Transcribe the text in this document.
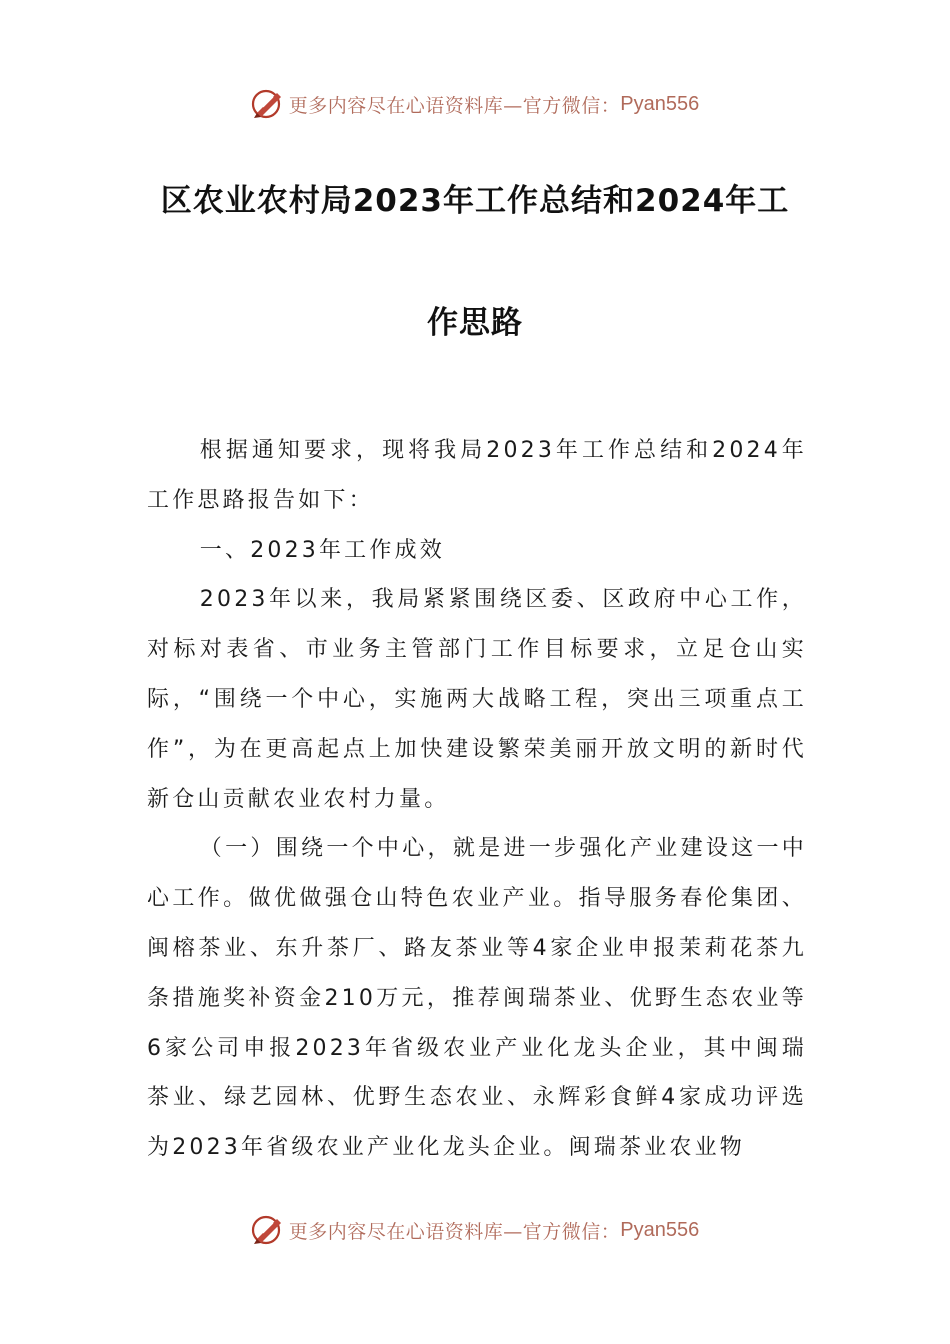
更多内容尽在心语资料库—官方微信： Pyan556
区农业农村局2023年工作总结和2024年工
作思路

根据通知要求，现将我局2023年工作总结和2024年工作思路报告如下：

一、2023年工作成效

2023年以来，我局紧紧围绕区委、区政府中心工作，对标对表省、市业务主管部门工作目标要求，立足仓山实际，“围绕一个中心，实施两大战略工程，突出三项重点工作”，为在更高起点上加快建设繁荣美丽开放文明的新时代新仓山贡献农业农村力量。

（一）围绕一个中心，就是进一步强化产业建设这一中心工作。做优做强仓山特色农业产业。指导服务春伦集团、闽榕茶业、东升茶厂、路友茶业等4家企业申报茉莉花茶九条措施奖补资金210万元，推荐闽瑞茶业、优野生态农业等6家公司申报2023年省级农业产业化龙头企业，其中闽瑞茶业、绿艺园林、优野生态农业、永辉彩食鲜4家成功评选为2023年省级农业产业化龙头企业。闽瑞茶业农业物

更多内容尽在心语资料库—官方微信： Pyan556
